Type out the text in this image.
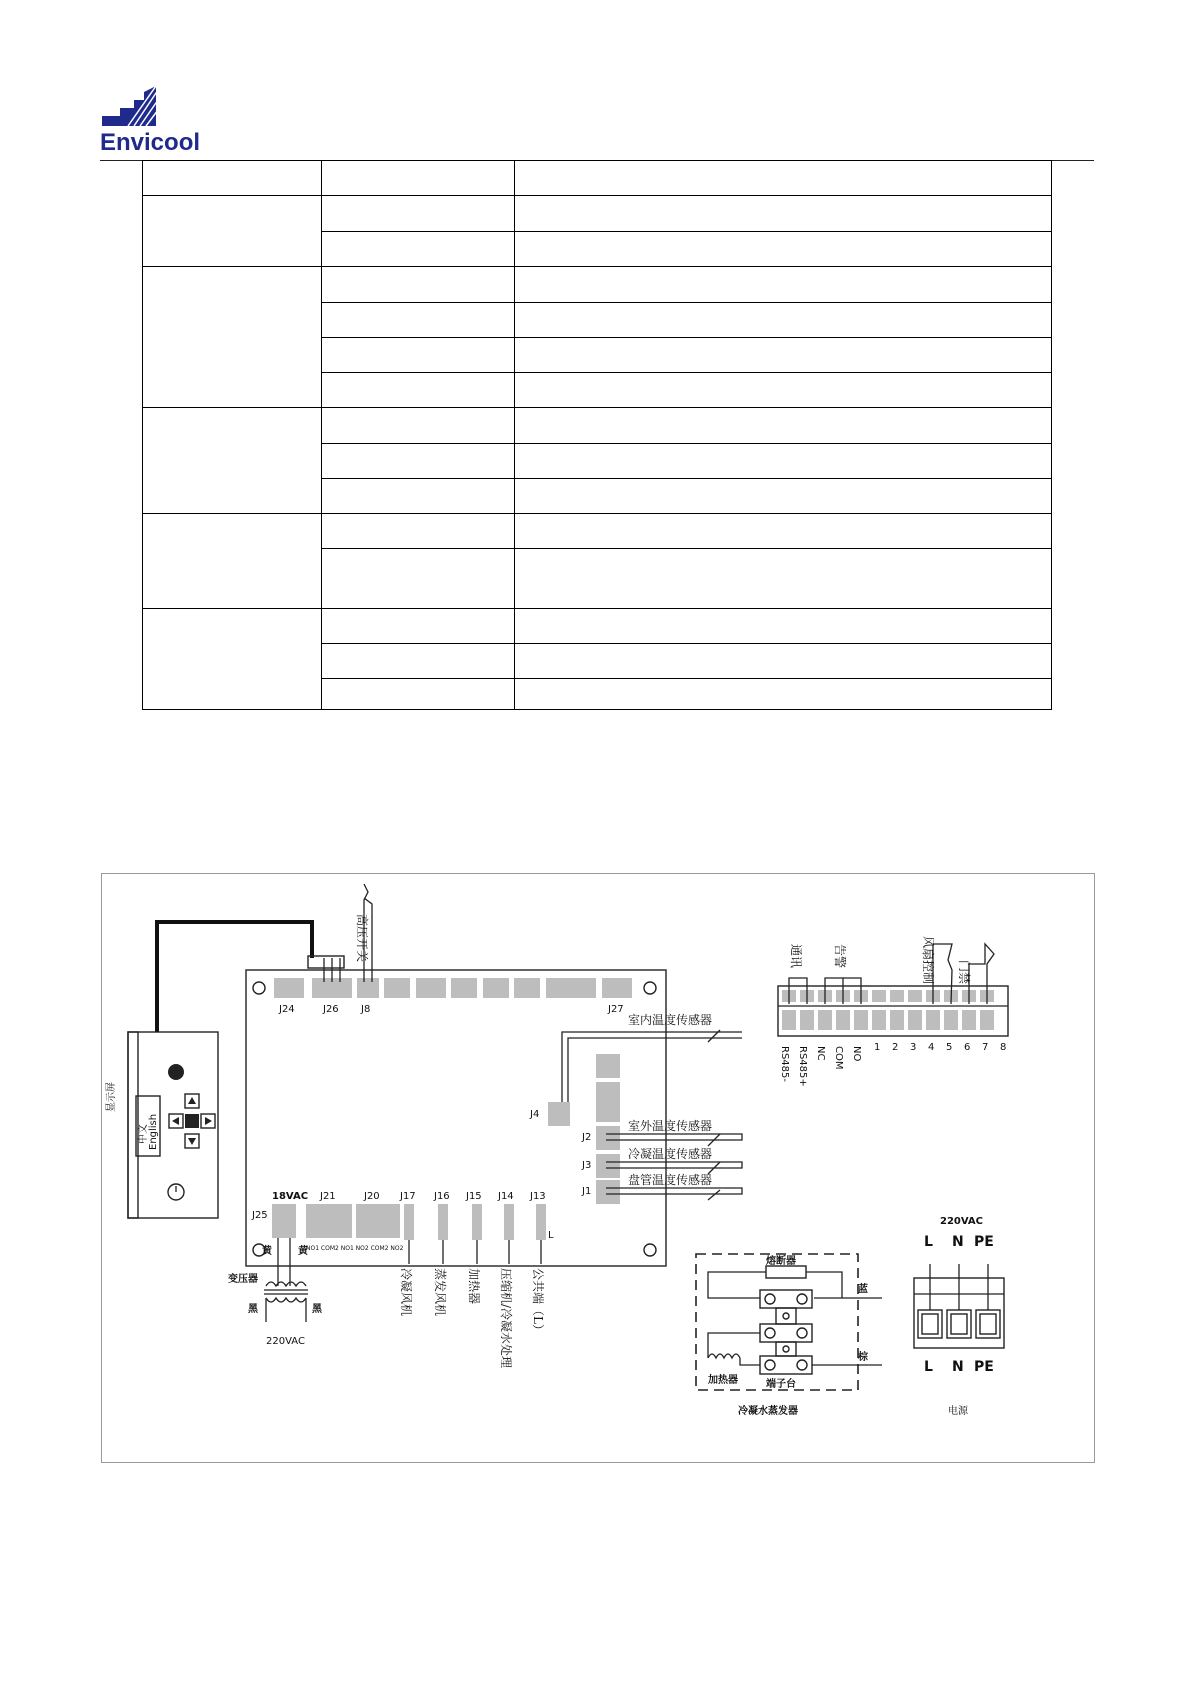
Envicool

J24	J26 J8	J27
高压开关
显示屏
中文 English	J4
室内温度传感器
J2
J3
J1
室外温度传感器
冷凝温度传感器
盘管温度传感器
18VAC
J25
J21	J20
NO1 COM2 NO1 NO2 COM2 NO2
J17 J16 J15 J14 J13
L
冷凝风机 蒸发风机 加热器 压缩机/冷凝水处理 公共端（L）
黄	黄
变压器
黑	黑
220VAC
通讯	告警	风扇控制 门禁
RS485- RS485+ NC COM NO 1 2 3 4 5 6 7 8
熔断器
蓝
棕
加热器	端子台
冷凝水蒸发器
220VAC
L N PE
L N PE
电源
